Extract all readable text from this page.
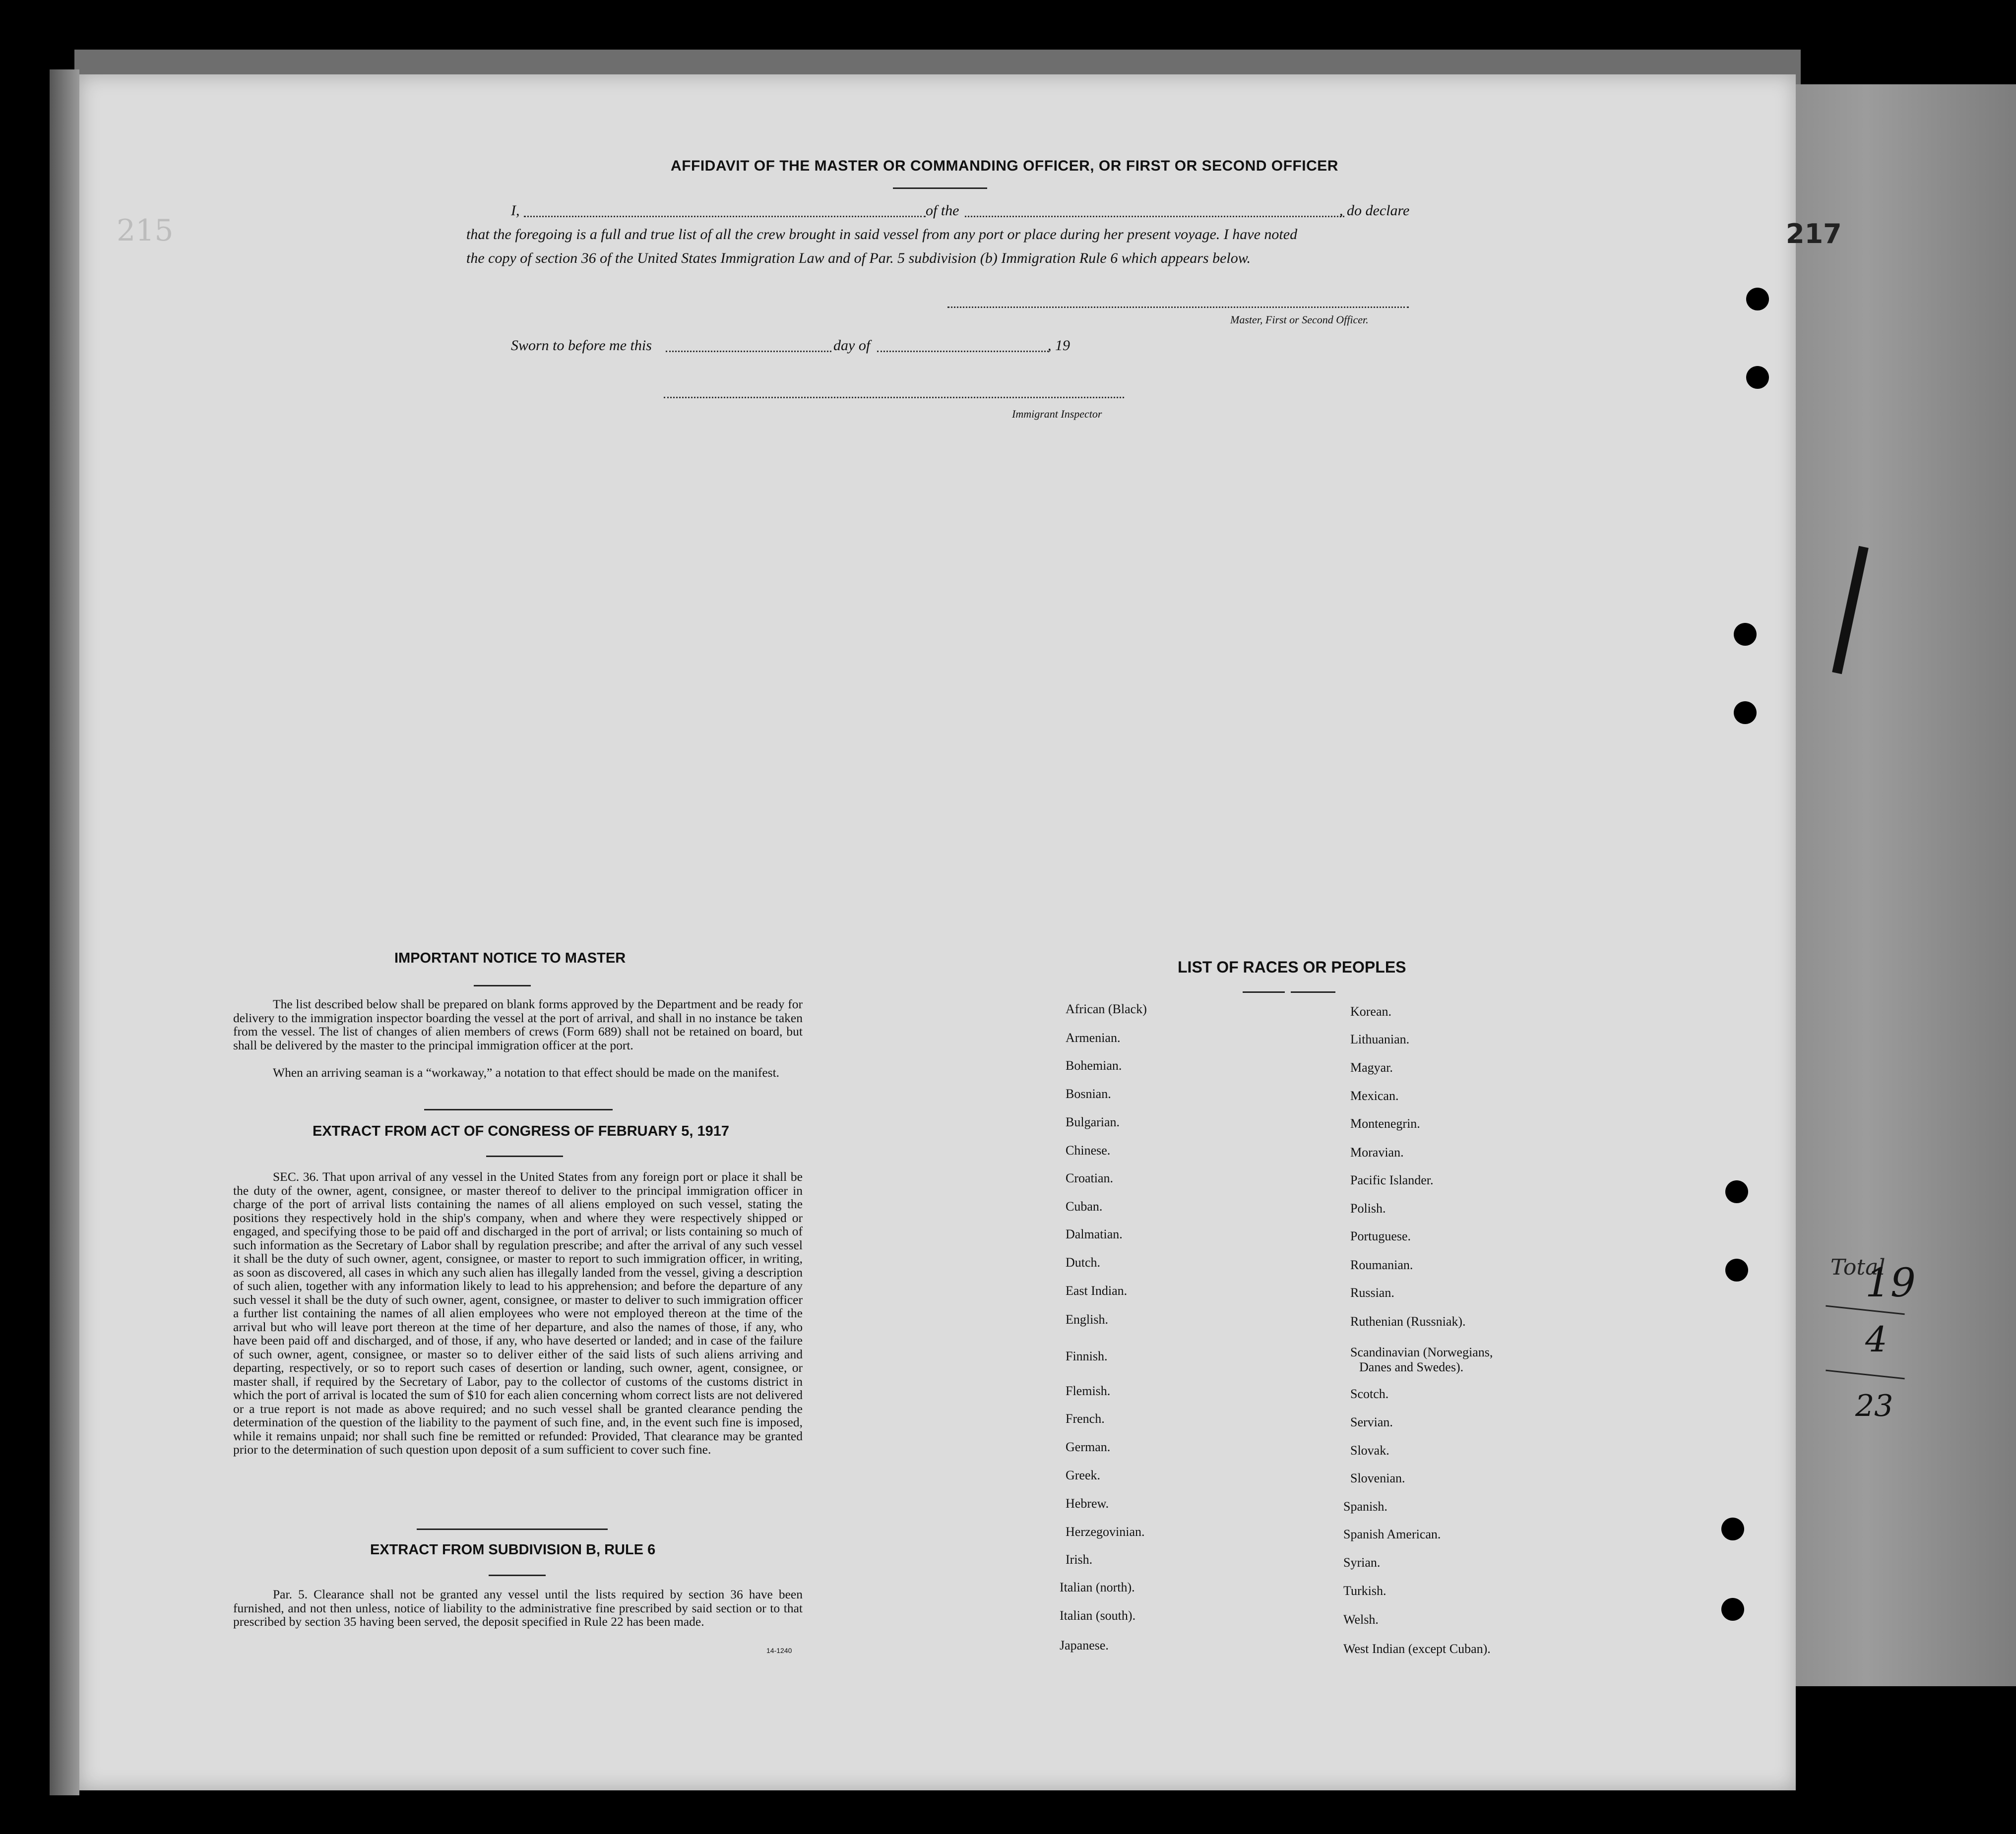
215	217
Total
19
4
23
AFFIDAVIT OF THE MASTER OR COMMANDING OFFICER, OR FIRST OR SECOND OFFICER
I,	of the	, do declare
that the foregoing is a full and true list of all the crew brought in said vessel from any port or place during her present voyage. I have noted
the copy of section 36 of the United States Immigration Law and of Par. 5 subdivision (b) Immigration Rule 6 which appears below.
Master, First or Second Officer.
Sworn to before me this	day of	, 19
Immigrant Inspector
IMPORTANT NOTICE TO MASTER
The list described below shall be prepared on blank forms approved by the Department and be ready for delivery to the immigration inspector boarding the vessel at the port of arrival, and shall in no instance be taken from the vessel. The list of changes of alien members of crews (Form 689) shall not be retained on board, but shall be delivered by the master to the principal immigration officer at the port.
When an arriving seaman is a “workaway,” a notation to that effect should be made on the manifest.
EXTRACT FROM ACT OF CONGRESS OF FEBRUARY 5, 1917
SEC. 36. That upon arrival of any vessel in the United States from any foreign port or place it shall be the duty of the owner, agent, consignee, or master thereof to deliver to the principal immigration officer in charge of the port of arrival lists containing the names of all aliens employed on such vessel, stating the positions they respectively hold in the ship's company, when and where they were respectively shipped or engaged, and specifying those to be paid off and discharged in the port of arrival; or lists containing so much of such information as the Secretary of Labor shall by regulation prescribe; and after the arrival of any such vessel it shall be the duty of such owner, agent, consignee, or master to report to such immigration officer, in writing, as soon as discovered, all cases in which any such alien has illegally landed from the vessel, giving a description of such alien, together with any information likely to lead to his apprehension; and before the departure of any such vessel it shall be the duty of such owner, agent, consignee, or master to deliver to such immigration officer a further list containing the names of all alien employees who were not employed thereon at the time of the arrival but who will leave port thereon at the time of her departure, and also the names of those, if any, who have been paid off and discharged, and of those, if any, who have deserted or landed; and in case of the failure of such owner, agent, consignee, or master so to deliver either of the said lists of such aliens arriving and departing, respectively, or so to report such cases of desertion or landing, such owner, agent, consignee, or master shall, if required by the Secretary of Labor, pay to the collector of customs of the customs district in which the port of arrival is located the sum of $10 for each alien concerning whom correct lists are not delivered or a true report is not made as above required; and no such vessel shall be granted clearance pending the determination of the question of the liability to the payment of such fine, and, in the event such fine is imposed, while it remains unpaid; nor shall such fine be remitted or refunded: Provided, That clearance may be granted prior to the determination of such question upon deposit of a sum sufficient to cover such fine.
EXTRACT FROM SUBDIVISION B, RULE 6
Par. 5. Clearance shall not be granted any vessel until the lists required by section 36 have been furnished, and not then unless, notice of liability to the administrative fine prescribed by said section or to that prescribed by section 35 having been served, the deposit specified in Rule 22 has been made.
14-1240
LIST OF RACES OR PEOPLES
African (Black)
Armenian.
Bohemian.
Bosnian.
Bulgarian.
Chinese.
Croatian.
Cuban.
Dalmatian.
Dutch.
East Indian.
English.
Finnish.
Flemish.
French.
German.
Greek.
Hebrew.
Herzegovinian.
Irish.
Italian (north).
Italian (south).
Japanese.
Korean.
Lithuanian.
Magyar.
Mexican.
Montenegrin.
Moravian.
Pacific Islander.
Polish.
Portuguese.
Roumanian.
Russian.
Ruthenian (Russniak).
Scandinavian (Norwegians,
Scotch.
Servian.
Slovak.
Slovenian.
Spanish.
Spanish American.
Syrian.
Turkish.
Welsh.
West Indian (except Cuban).
Danes and Swedes).
